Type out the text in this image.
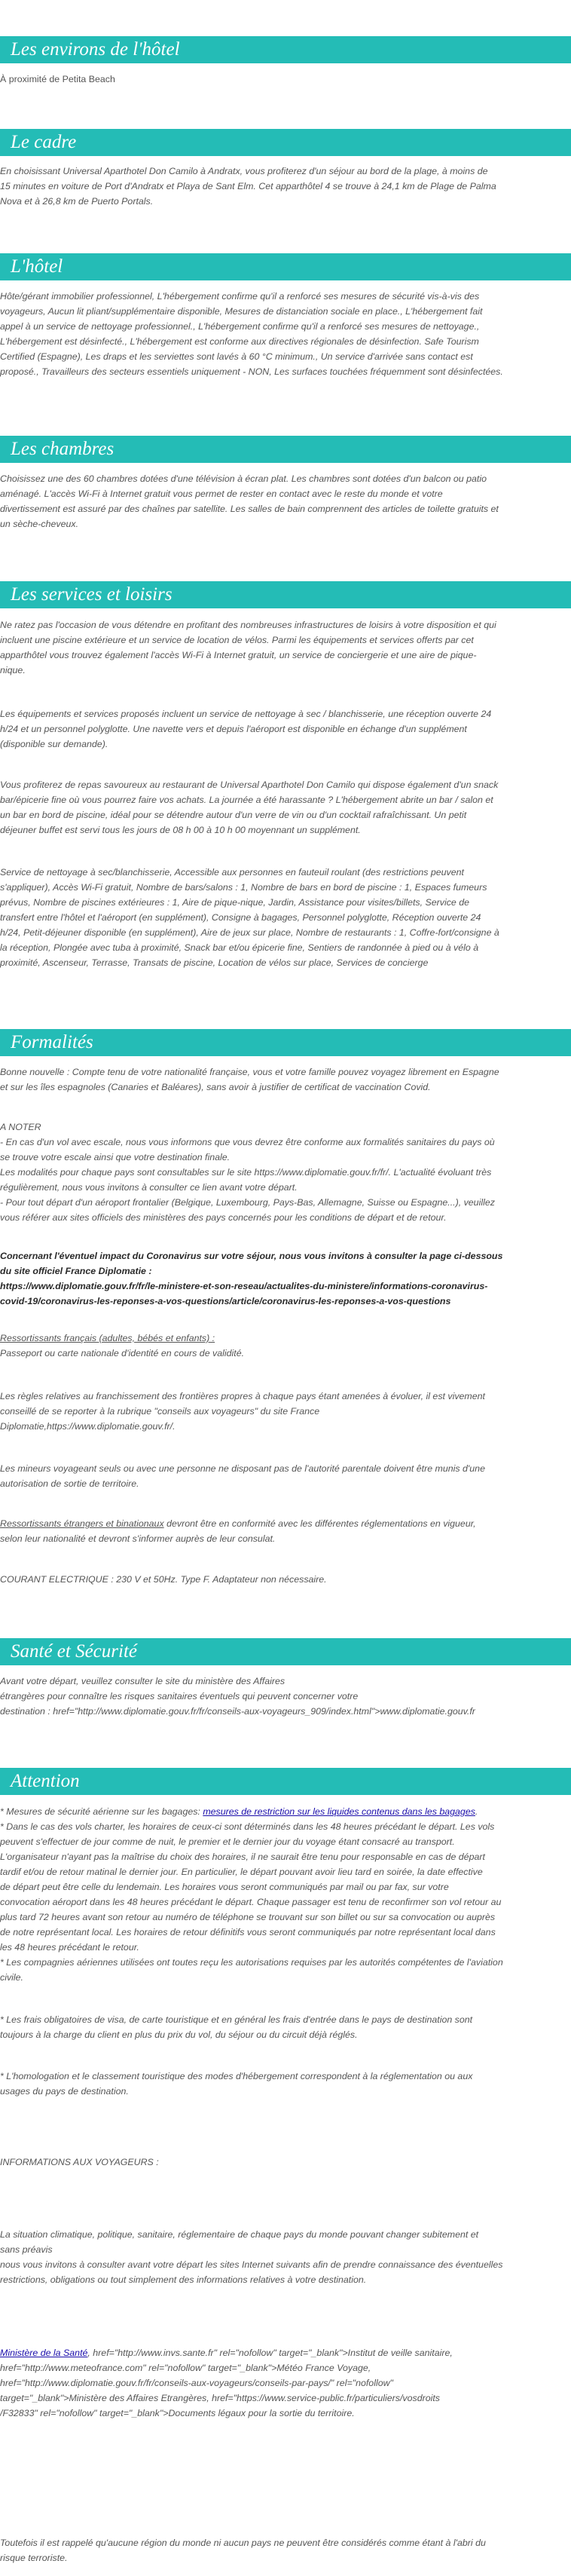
Les environs de l'hôtel
À proximité de Petita Beach
Le cadre
En choisissant Universal Aparthotel Don Camilo à Andratx, vous profiterez d'un séjour au bord de la plage, à moins de
15 minutes en voiture de Port d'Andratx et Playa de Sant Elm. Cet apparthôtel 4 se trouve à 24,1 km de Plage de Palma
Nova et à 26,8 km de Puerto Portals.
L'hôtel
Hôte/gérant immobilier professionnel, L'hébergement confirme qu'il a renforcé ses mesures de sécurité vis-à-vis des
voyageurs, Aucun lit pliant/supplémentaire disponible, Mesures de distanciation sociale en place., L'hébergement fait
appel à un service de nettoyage professionnel., L'hébergement confirme qu'il a renforcé ses mesures de nettoyage.,
L'hébergement est désinfecté., L'hébergement est conforme aux directives régionales de désinfection. Safe Tourism
Certified (Espagne), Les draps et les serviettes sont lavés à 60 °C minimum., Un service d'arrivée sans contact est
proposé., Travailleurs des secteurs essentiels uniquement - NON, Les surfaces touchées fréquemment sont désinfectées.
Les chambres
Choisissez une des 60 chambres dotées d'une télévision à écran plat. Les chambres sont dotées d'un balcon ou patio
aménagé. L'accès Wi-Fi à Internet gratuit vous permet de rester en contact avec le reste du monde et votre
divertissement est assuré par des chaînes par satellite. Les salles de bain comprennent des articles de toilette gratuits et
un sèche-cheveux.
Les services et loisirs
Ne ratez pas l'occasion de vous détendre en profitant des nombreuses infrastructures de loisirs à votre disposition et qui
incluent une piscine extérieure et un service de location de vélos. Parmi les équipements et services offerts par cet
apparthôtel vous trouvez également l'accès Wi-Fi à Internet gratuit, un service de conciergerie et une aire de pique-
nique.
Les équipements et services proposés incluent un service de nettoyage à sec / blanchisserie, une réception ouverte 24
h/24 et un personnel polyglotte. Une navette vers et depuis l'aéroport est disponible en échange d'un supplément
(disponible sur demande).
Vous profiterez de repas savoureux au restaurant de Universal Aparthotel Don Camilo qui dispose également d'un snack
bar/épicerie fine où vous pourrez faire vos achats. La journée a été harassante ? L'hébergement abrite un bar / salon et
un bar en bord de piscine, idéal pour se détendre autour d'un verre de vin ou d'un cocktail rafraîchissant. Un petit
déjeuner buffet est servi tous les jours de 08 h 00 à 10 h 00 moyennant un supplément.
Service de nettoyage à sec/blanchisserie, Accessible aux personnes en fauteuil roulant (des restrictions peuvent
s'appliquer), Accès Wi-Fi gratuit, Nombre de bars/salons : 1, Nombre de bars en bord de piscine : 1, Espaces fumeurs
prévus, Nombre de piscines extérieures : 1, Aire de pique-nique, Jardin, Assistance pour visites/billets, Service de
transfert entre l'hôtel et l'aéroport (en supplément), Consigne à bagages, Personnel polyglotte, Réception ouverte 24
h/24, Petit-déjeuner disponible (en supplément), Aire de jeux sur place, Nombre de restaurants : 1, Coffre-fort/consigne à
la réception, Plongée avec tuba à proximité, Snack bar et/ou épicerie fine, Sentiers de randonnée à pied ou à vélo à
proximité, Ascenseur, Terrasse, Transats de piscine, Location de vélos sur place, Services de concierge
Formalités
Bonne nouvelle : Compte tenu de votre nationalité française, vous et votre famille pouvez voyagez librement en Espagne
et sur les îles espagnoles (Canaries et Baléares), sans avoir à justifier de certificat de vaccination Covid.
A NOTER
- En cas d'un vol avec escale, nous vous informons que vous devrez être conforme aux formalités sanitaires du pays où
se trouve votre escale ainsi que votre destination finale.
Les modalités pour chaque pays sont consultables sur le site https://www.diplomatie.gouv.fr/fr/. L'actualité évoluant très
régulièrement, nous vous invitons à consulter ce lien avant votre départ.
- Pour tout départ d'un aéroport frontalier (Belgique, Luxembourg, Pays-Bas, Allemagne, Suisse ou Espagne...), veuillez
vous référer aux sites officiels des ministères des pays concernés pour les conditions de départ et de retour.
Concernant l'éventuel impact du Coronavirus sur votre séjour, nous vous invitons à consulter la page ci-dessous
du site officiel France Diplomatie :
https://www.diplomatie.gouv.fr/fr/le-ministere-et-son-reseau/actualites-du-ministere/informations-coronavirus-
covid-19/coronavirus-les-reponses-a-vos-questions/article/coronavirus-les-reponses-a-vos-questions
Ressortissants français (adultes, bébés et enfants) :
Passeport ou carte nationale d'identité en cours de validité.
Les règles relatives au franchissement des frontières propres à chaque pays étant amenées à évoluer, il est vivement
conseillé de se reporter à la rubrique "conseils aux voyageurs" du site France
Diplomatie,https://www.diplomatie.gouv.fr/.
Les mineurs voyageant seuls ou avec une personne ne disposant pas de l'autorité parentale doivent être munis d'une
autorisation de sortie de territoire.
Ressortissants étrangers et binationaux devront être en conformité avec les différentes réglementations en vigueur,
selon leur nationalité et devront s'informer auprès de leur consulat.
COURANT ELECTRIQUE : 230 V et 50Hz. Type F. Adaptateur non nécessaire.
Santé et Sécurité
Avant votre départ, veuillez consulter le site du ministère des Affaires
étrangères pour connaître les risques sanitaires éventuels qui peuvent concerner votre
destination : href="http://www.diplomatie.gouv.fr/fr/conseils-aux-voyageurs_909/index.html">www.diplomatie.gouv.fr
Attention
* Mesures de sécurité aérienne sur les bagages: mesures de restriction sur les liquides contenus dans les bagages.
* Dans le cas des vols charter, les horaires de ceux-ci sont déterminés dans les 48 heures précédant le départ. Les vols
peuvent s'effectuer de jour comme de nuit, le premier et le dernier jour du voyage étant consacré au transport.
L'organisateur n'ayant pas la maîtrise du choix des horaires, il ne saurait être tenu pour responsable en cas de départ
tardif et/ou de retour matinal le dernier jour. En particulier, le départ pouvant avoir lieu tard en soirée, la date effective
de départ peut être celle du lendemain. Les horaires vous seront communiqués par mail ou par fax, sur votre
convocation aéroport dans les 48 heures précédant le départ. Chaque passager est tenu de reconfirmer son vol retour au
plus tard 72 heures avant son retour au numéro de téléphone se trouvant sur son billet ou sur sa convocation ou auprès
de notre représentant local. Les horaires de retour définitifs vous seront communiqués par notre représentant local dans
les 48 heures précédant le retour.
* Les compagnies aériennes utilisées ont toutes reçu les autorisations requises par les autorités compétentes de l'aviation
civile.
* Les frais obligatoires de visa, de carte touristique et en général les frais d'entrée dans le pays de destination sont
toujours à la charge du client en plus du prix du vol, du séjour ou du circuit déjà réglés.
* L'homologation et le classement touristique des modes d'hébergement correspondent à la réglementation ou aux
usages du pays de destination.
INFORMATIONS AUX VOYAGEURS :
La situation climatique, politique, sanitaire, réglementaire de chaque pays du monde pouvant changer subitement et
sans préavis
nous vous invitons à consulter avant votre départ les sites Internet suivants afin de prendre connaissance des éventuelles
restrictions, obligations ou tout simplement des informations relatives à votre destination.
Ministère de la Santé, href="http://www.invs.sante.fr" rel="nofollow" target="_blank">Institut de veille sanitaire,
href="http://www.meteofrance.com" rel="nofollow" target="_blank">Météo France Voyage,
href="http://www.diplomatie.gouv.fr/fr/conseils-aux-voyageurs/conseils-par-pays/" rel="nofollow"
target="_blank">Ministère des Affaires Etrangères, href="https://www.service-public.fr/particuliers/vosdroits
/F32833" rel="nofollow" target="_blank">Documents légaux pour la sortie du territoire.
Toutefois il est rappelé qu'aucune région du monde ni aucun pays ne peuvent être considérés comme étant à l'abri du
risque terroriste.
